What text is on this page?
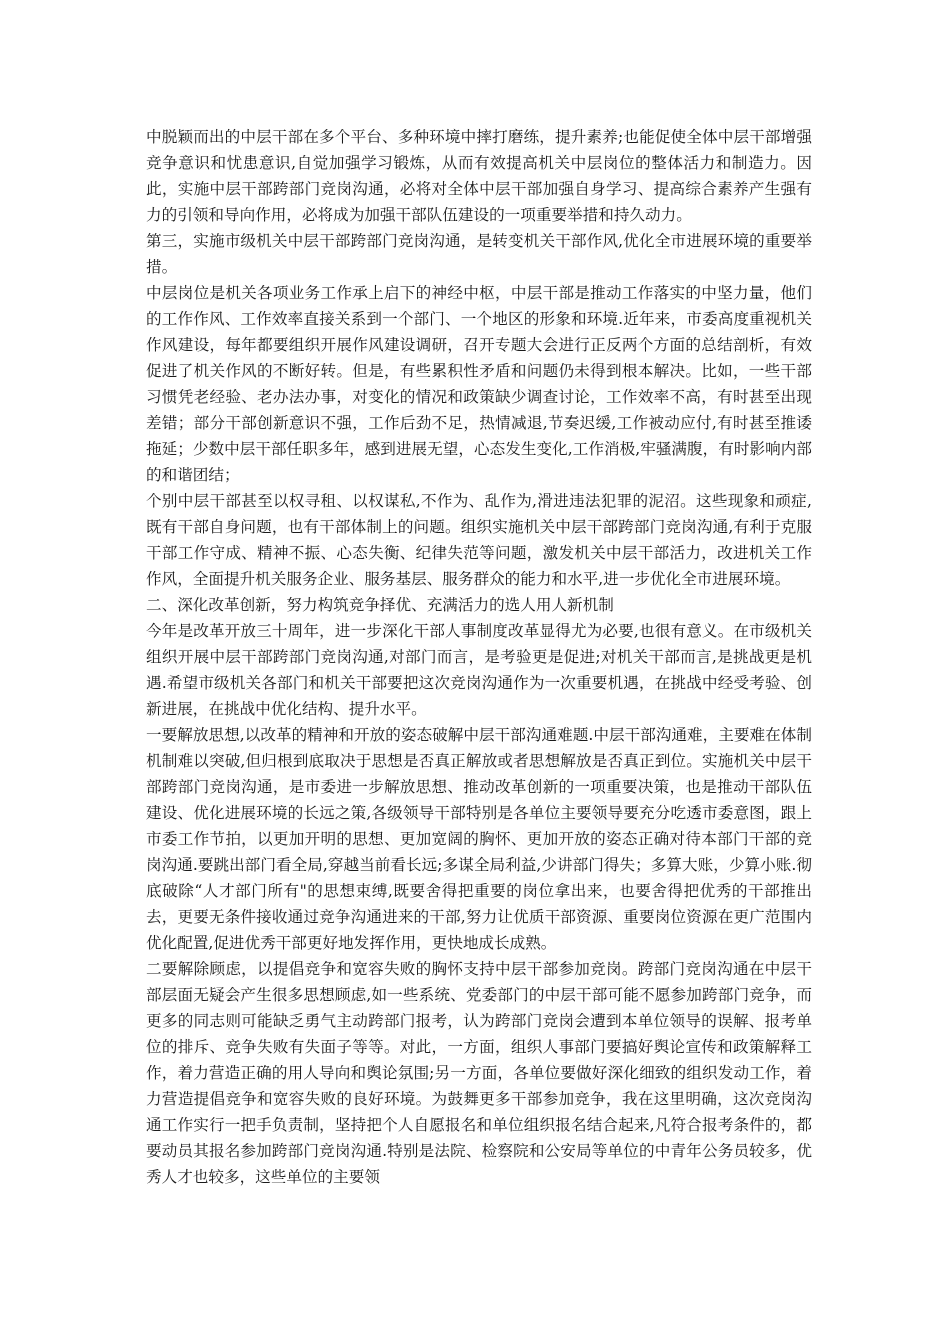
中脱颖而出的中层干部在多个平台、多种环境中摔打磨练，提升素养;也能促使全体中层干部增强竞争意识和忧患意识,自觉加强学习锻炼，从而有效提高机关中层岗位的整体活力和制造力。因此，实施中层干部跨部门竞岗沟通，必将对全体中层干部加强自身学习、提高综合素养产生强有力的引领和导向作用，必将成为加强干部队伍建设的一项重要举措和持久动力。

第三，实施市级机关中层干部跨部门竞岗沟通，是转变机关干部作风,优化全市进展环境的重要举措。

中层岗位是机关各项业务工作承上启下的神经中枢，中层干部是推动工作落实的中坚力量，他们的工作作风、工作效率直接关系到一个部门、一个地区的形象和环境.近年来，市委高度重视机关作风建设，每年都要组织开展作风建设调研，召开专题大会进行正反两个方面的总结剖析，有效促进了机关作风的不断好转。但是，有些累积性矛盾和问题仍未得到根本解决。比如，一些干部习惯凭老经验、老办法办事，对变化的情况和政策缺少调查讨论，工作效率不高，有时甚至出现差错；部分干部创新意识不强，工作后劲不足，热情减退,节奏迟缓,工作被动应付,有时甚至推诿拖延；少数中层干部任职多年，感到进展无望，心态发生变化,工作消极,牢骚满腹，有时影响内部的和谐团结；

个别中层干部甚至以权寻租、以权谋私,不作为、乱作为,滑进违法犯罪的泥沼。这些现象和顽症,既有干部自身问题，也有干部体制上的问题。组织实施机关中层干部跨部门竞岗沟通,有利于克服干部工作守成、精神不振、心态失衡、纪律失范等问题，激发机关中层干部活力，改进机关工作作风，全面提升机关服务企业、服务基层、服务群众的能力和水平,进一步优化全市进展环境。

二、深化改革创新，努力构筑竞争择优、充满活力的选人用人新机制

今年是改革开放三十周年，进一步深化干部人事制度改革显得尤为必要,也很有意义。在市级机关组织开展中层干部跨部门竞岗沟通,对部门而言，是考验更是促进;对机关干部而言,是挑战更是机遇.希望市级机关各部门和机关干部要把这次竞岗沟通作为一次重要机遇，在挑战中经受考验、创新进展，在挑战中优化结构、提升水平。

一要解放思想,以改革的精神和开放的姿态破解中层干部沟通难题.中层干部沟通难，主要难在体制机制难以突破,但归根到底取决于思想是否真正解放或者思想解放是否真正到位。实施机关中层干部跨部门竞岗沟通，是市委进一步解放思想、推动改革创新的一项重要决策，也是推动干部队伍建设、优化进展环境的长远之策,各级领导干部特别是各单位主要领导要充分吃透市委意图，跟上市委工作节拍，以更加开明的思想、更加宽阔的胸怀、更加开放的姿态正确对待本部门干部的竞岗沟通.要跳出部门看全局,穿越当前看长远;多谋全局利益,少讲部门得失；多算大账，少算小账.彻底破除“人才部门所有"的思想束缚,既要舍得把重要的岗位拿出来，也要舍得把优秀的干部推出去，更要无条件接收通过竞争沟通进来的干部,努力让优质干部资源、重要岗位资源在更广范围内优化配置,促进优秀干部更好地发挥作用，更快地成长成熟。

二要解除顾虑，以提倡竞争和宽容失败的胸怀支持中层干部参加竞岗。跨部门竞岗沟通在中层干部层面无疑会产生很多思想顾虑,如一些系统、党委部门的中层干部可能不愿参加跨部门竞争，而更多的同志则可能缺乏勇气主动跨部门报考，认为跨部门竞岗会遭到本单位领导的误解、报考单位的排斥、竞争失败有失面子等等。对此，一方面，组织人事部门要搞好舆论宣传和政策解释工作，着力营造正确的用人导向和舆论氛围;另一方面，各单位要做好深化细致的组织发动工作，着力营造提倡竞争和宽容失败的良好环境。为鼓舞更多干部参加竞争，我在这里明确，这次竞岗沟通工作实行一把手负责制，坚持把个人自愿报名和单位组织报名结合起来,凡符合报考条件的，都要动员其报名参加跨部门竞岗沟通.特别是法院、检察院和公安局等单位的中青年公务员较多，优秀人才也较多，这些单位的主要领
